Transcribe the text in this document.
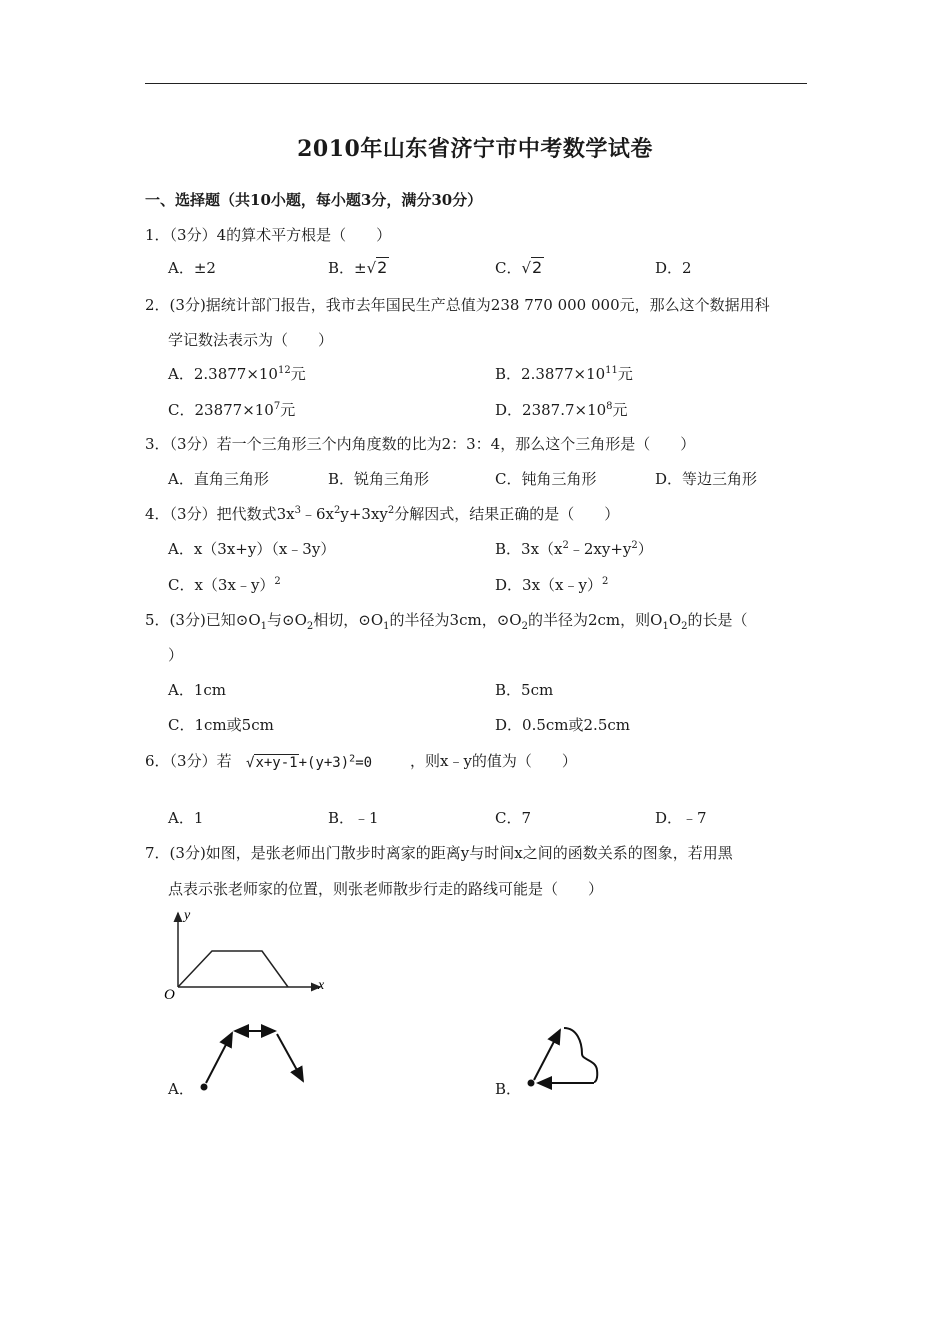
2010年山东省济宁市中考数学试卷
一、选择题（共10小题，每小题3分，满分30分）
1．（3分）4的算术平方根是（　　）
A．±2	B．±√2	C．√2	D．2
2．(3分)据统计部门报告，我市去年国民生产总值为238 770 000 000元，那么这个数据用科
学记数法表示为（　　）
A．$2.3877\times 10^{12}$元	B．$2.3877\times 10^{11}$元
C．$23877\times 10^7$元	D．$2387.7\times 10^8$元
3．（3分）若一个三角形三个内角度数的比为2：3：4，那么这个三角形是（　　）
A．直角三角形	B．锐角三角形	C．钝角三角形	D．等边三角形
4．（3分）把代数式$3x^3﹣6x^2y+3xy^2$分解因式，结果正确的是（　　）
A．x（3x+y）（x﹣3y）	B．$3x(x^2﹣2xy+y^2)$
C．x（3x﹣y）$^2$	D．3x（x﹣y）$^2$
5．(3分)已知$⊙O_1$与$⊙O_2$相切，$⊙O_1$的半径为3cm，$⊙O_2$的半径为2cm，则$O_1O_2$的长是（
）
A．1cm	B．5cm
C．1cm或5cm	D．0.5cm或2.5cm
6．（3分）若 $√x+y-1+(y+3)^2=0$	，则x﹣y的值为（　　）
A．1	B．﹣1	C．7	D．﹣7
7．(3分)如图，是张老师出门散步时离家的距离y与时间x之间的函数关系的图象，若用黑
点表示张老师家的位置，则张老师散步行走的路线可能是（　　）
y
x
O
A．	B．
